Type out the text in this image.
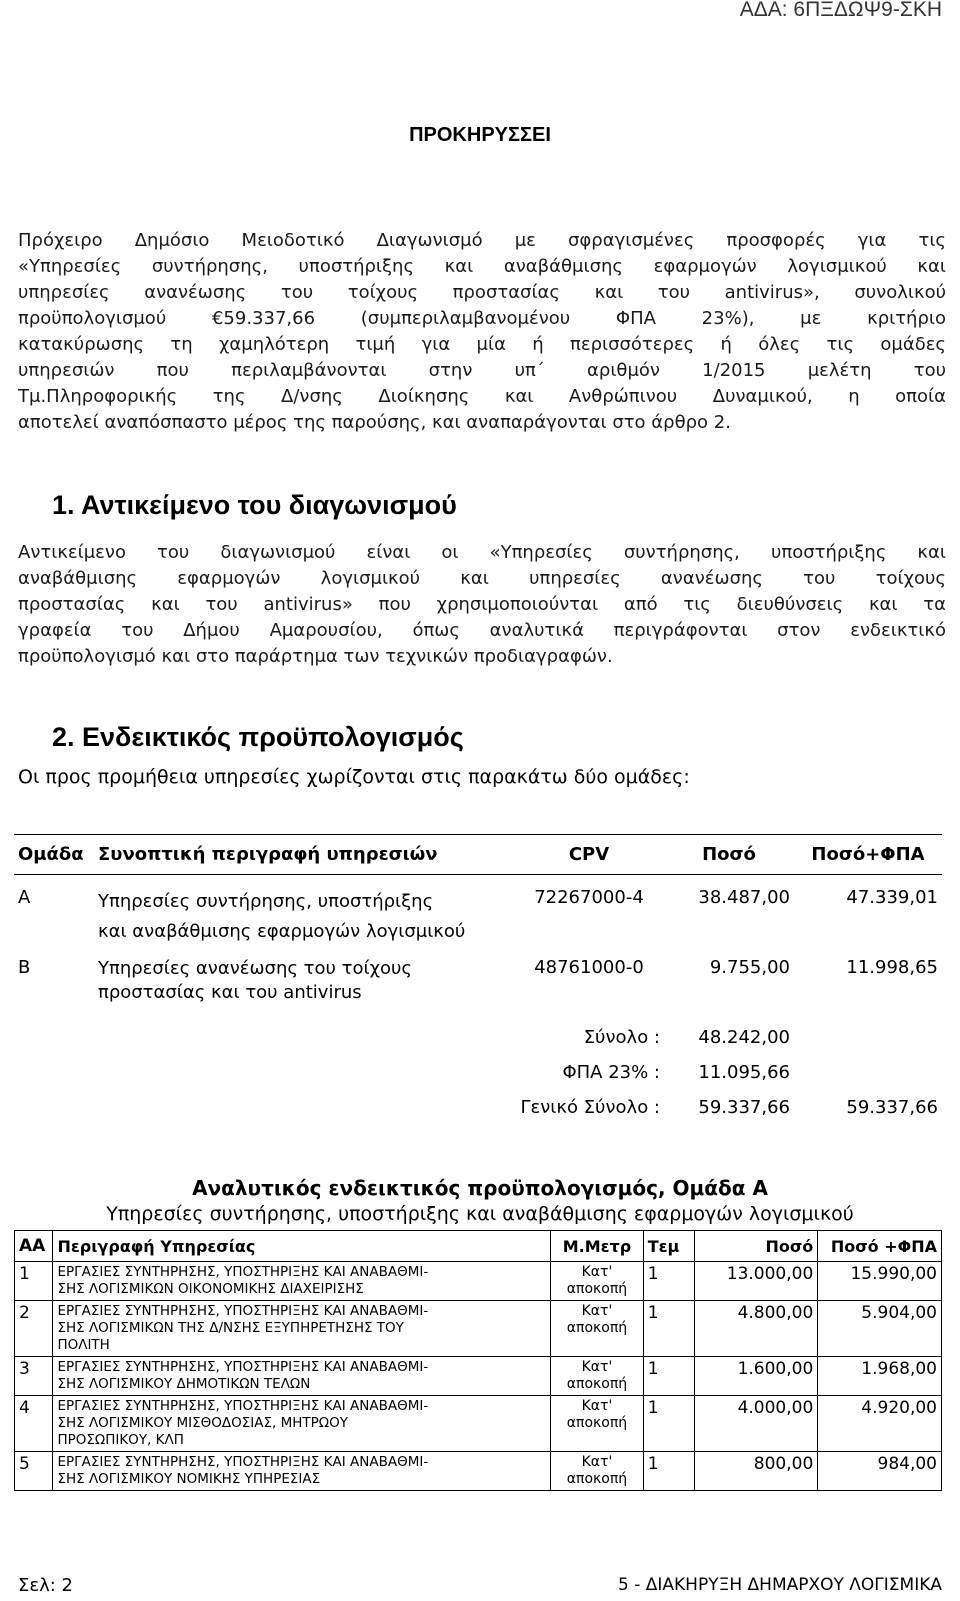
ΑΔΑ: 6ΠΞΔΩΨ9-ΣΚΗ
ΠΡΟΚΗΡΥΣΣΕΙ

Πρόχειρο Δημόσιο Μειοδοτικό Διαγωνισμό με σφραγισμένες προσφορές για τις
«Υπηρεσίες συντήρησης, υποστήριξης και αναβάθμισης εφαρμογών λογισμικού και
υπηρεσίες ανανέωσης του τοίχους προστασίας και του antivirus», συνολικού
προϋπολογισμού €59.337,66 (συμπεριλαμβανομένου ΦΠΑ 23%), με κριτήριο
κατακύρωσης τη χαμηλότερη τιμή για μία ή περισσότερες ή όλες τις ομάδες
υπηρεσιών που περιλαμβάνονται στην υπ΄ αριθμόν 1/2015 μελέτη του
Τμ.Πληροφορικής της Δ/νσης Διοίκησης και Ανθρώπινου Δυναμικού, η οποία
αποτελεί αναπόσπαστο μέρος της παρούσης, και αναπαράγονται στο άρθρο 2.

1. Αντικείμενο του διαγωνισμού

Αντικείμενο του διαγωνισμού είναι οι «Υπηρεσίες συντήρησης, υποστήριξης και
αναβάθμισης εφαρμογών λογισμικού και υπηρεσίες ανανέωσης του τοίχους
προστασίας και του antivirus» που χρησιμοποιούνται από τις διευθύνσεις και τα
γραφεία του Δήμου Αμαρουσίου, όπως αναλυτικά περιγράφονται στον ενδεικτικό
προϋπολογισμό και στο παράρτημα των τεχνικών προδιαγραφών.

2. Ενδεικτικός προϋπολογισμός
Οι προς προμήθεια υπηρεσίες χωρίζονται στις παρακάτω δύο ομάδες:
Ομάδα	Συνοπτική περιγραφή υπηρεσιών	CPV	Ποσό	Ποσό+ΦΠΑ
Α	Υπηρεσίες συντήρησης, υποστήριξης
και αναβάθμισης εφαρμογών λογισμικού	72267000-4	38.487,00	47.339,01
Β	Υπηρεσίες ανανέωσης του τοίχους
προστασίας και του antivirus	48761000-0	9.755,00	11.998,65
	Σύνολο :		48.242,00	
	ΦΠΑ 23% :		11.095,66	
	Γενικό Σύνολο :		59.337,66	59.337,66
Αναλυτικός ενδεικτικός προϋπολογισμός, Ομάδα Α
Υπηρεσίες συντήρησης, υποστήριξης και αναβάθμισης εφαρμογών λογισμικού
ΑΑ	Περιγραφή Υπηρεσίας	Μ.Μετρ	Τεμ	Ποσό	Ποσό +ΦΠΑ
1	ΕΡΓΑΣΙΕΣ ΣΥΝΤΗΡΗΣΗΣ, ΥΠΟΣΤΗΡΙΞΗΣ ΚΑΙ ΑΝΑΒΑΘΜΙ-
ΣΗΣ ΛΟΓΙΣΜΙΚΩΝ ΟΙΚΟΝΟΜΙΚΗΣ ΔΙΑΧΕΙΡΙΣΗΣ	Κατ'
αποκοπή	1	13.000,00	15.990,00
2	ΕΡΓΑΣΙΕΣ ΣΥΝΤΗΡΗΣΗΣ, ΥΠΟΣΤΗΡΙΞΗΣ ΚΑΙ ΑΝΑΒΑΘΜΙ-
ΣΗΣ ΛΟΓΙΣΜΙΚΩΝ ΤΗΣ Δ/ΝΣΗΣ ΕΞΥΠΗΡΕΤΗΣΗΣ ΤΟΥ
ΠΟΛΙΤΗ	Κατ'
αποκοπή	1	4.800,00	5.904,00
3	ΕΡΓΑΣΙΕΣ ΣΥΝΤΗΡΗΣΗΣ, ΥΠΟΣΤΗΡΙΞΗΣ ΚΑΙ ΑΝΑΒΑΘΜΙ-
ΣΗΣ ΛΟΓΙΣΜΙΚΟΥ ΔΗΜΟΤΙΚΩΝ ΤΕΛΩΝ	Κατ'
αποκοπή	1	1.600,00	1.968,00
4	ΕΡΓΑΣΙΕΣ ΣΥΝΤΗΡΗΣΗΣ, ΥΠΟΣΤΗΡΙΞΗΣ ΚΑΙ ΑΝΑΒΑΘΜΙ-
ΣΗΣ ΛΟΓΙΣΜΙΚΟΥ ΜΙΣΘΟΔΟΣΙΑΣ, ΜΗΤΡΩΟΥ
ΠΡΟΣΩΠΙΚΟΥ, ΚΛΠ	Κατ'
αποκοπή	1	4.000,00	4.920,00
5	ΕΡΓΑΣΙΕΣ ΣΥΝΤΗΡΗΣΗΣ, ΥΠΟΣΤΗΡΙΞΗΣ ΚΑΙ ΑΝΑΒΑΘΜΙ-
ΣΗΣ ΛΟΓΙΣΜΙΚΟΥ ΝΟΜΙΚΗΣ ΥΠΗΡΕΣΙΑΣ	Κατ'
αποκοπή	1	800,00	984,00
Σελ: 2	5 - ΔΙΑΚΗΡΥΞΗ ΔΗΜΑΡΧΟΥ ΛΟΓΙΣΜΙΚΑ
